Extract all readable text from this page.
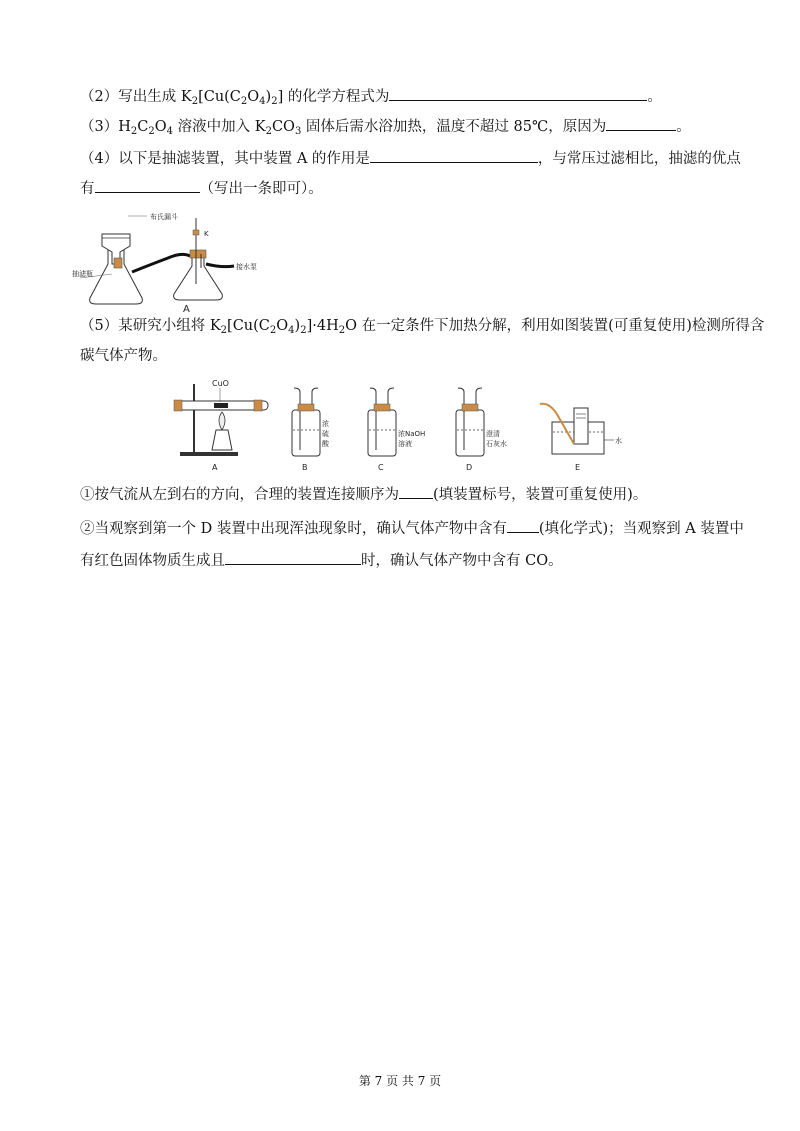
（2）写出生成 $K_2[Cu(C_2O_4)_2]$ 的化学方程式为	。
$(3)H_2C_2O_4$ 溶液中加入 $K_2CO_3$ 固体后需水浴加热，温度不超过 85℃，原因为	。
（4）以下是抽滤装置，其中装置 A 的作用是	，与常压过滤相比，抽滤的优点
有	（写出一条即可）。
布氏漏斗
抽滤瓶
K
接水泵
A
（5）某研究小组将 $K_2[Cu(C_2O_4)_2]\cdot 4H_2O$ 在一定条件下加热分解，利用如图装置(可重复使用)检测所得含
碳气体产物。
CuO
A
浓
硫
酸
B
浓NaOH
溶液
C
澄清
石灰水
D
水
E
①按气流从左到右的方向，合理的装置连接顺序为 (填装置标号，装置可重复使用)。
②当观察到第一个 D 装置中出现浑浊现象时，确认气体产物中含有 (填化学式)；当观察到 A 装置中
有红色固体物质生成且	时，确认气体产物中含有 CO。
第 7 页 共 7 页
